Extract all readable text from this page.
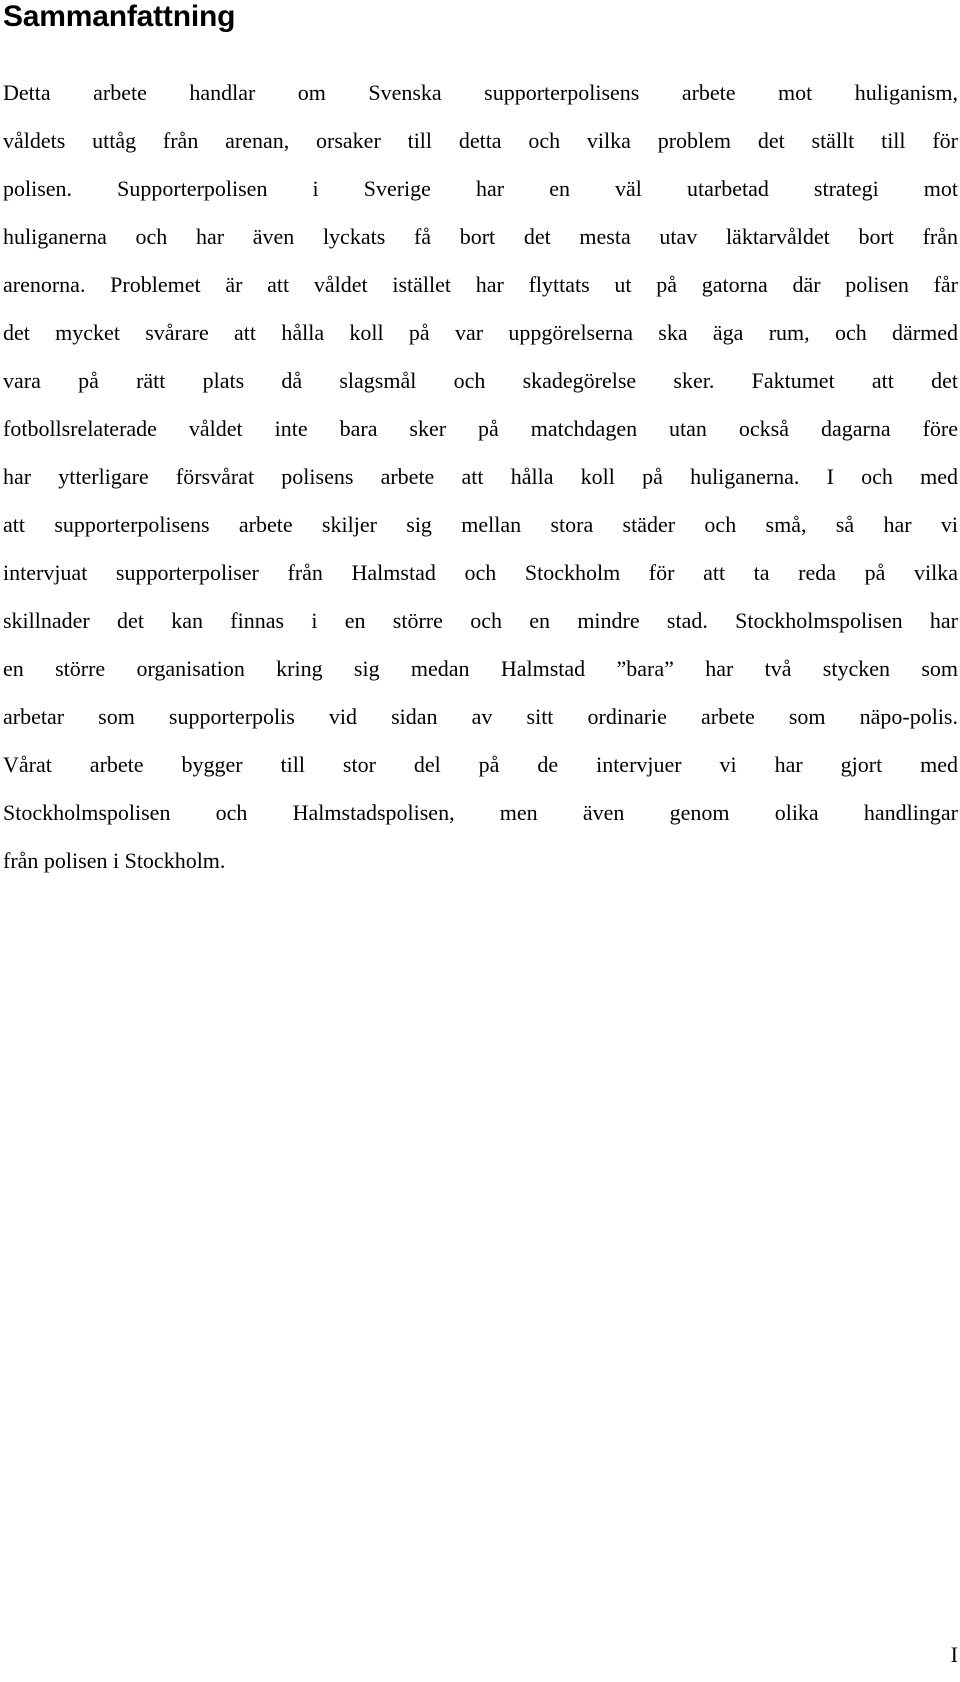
Sammanfattning
Detta arbete handlar om Svenska supporterpolisens arbete mot huliganism,
våldets uttåg från arenan, orsaker till detta och vilka problem det ställt till för
polisen. Supporterpolisen i Sverige har en väl utarbetad strategi mot
huliganerna och har även lyckats få bort det mesta utav läktarvåldet bort från
arenorna. Problemet är att våldet istället har flyttats ut på gatorna där polisen får
det mycket svårare att hålla koll på var uppgörelserna ska äga rum, och därmed
vara på rätt plats då slagsmål och skadegörelse sker. Faktumet att det
fotbollsrelaterade våldet inte bara sker på matchdagen utan också dagarna före
har ytterligare försvårat polisens arbete att hålla koll på huliganerna. I och med
att supporterpolisens arbete skiljer sig mellan stora städer och små, så har vi
intervjuat supporterpoliser från Halmstad och Stockholm för att ta reda på vilka
skillnader det kan finnas i en större och en mindre stad. Stockholmspolisen har
en större organisation kring sig medan Halmstad ”bara” har två stycken som
arbetar som supporterpolis vid sidan av sitt ordinarie arbete som näpo-polis.
Vårat arbete bygger till stor del på de intervjuer vi har gjort med
Stockholmspolisen och Halmstadspolisen, men även genom olika handlingar
från polisen i Stockholm.
I
